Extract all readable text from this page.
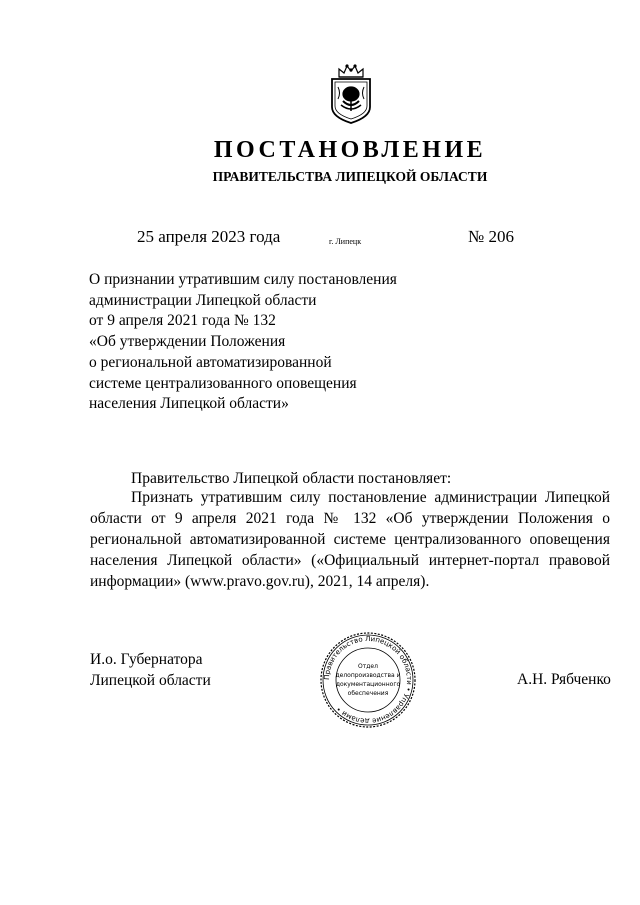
ПОСТАНОВЛЕНИЕ
ПРАВИТЕЛЬСТВА ЛИПЕЦКОЙ ОБЛАСТИ
25 апреля 2023 года	г. Липецк	№ 206
О признании утратившим силу постановления
администрации Липецкой области
от 9 апреля 2021 года № 132
«Об утверждении Положения
о региональной автоматизированной
системе централизованного оповещения
населения Липецкой области»
Правительство Липецкой области постановляет:
Признать утратившим силу постановление администрации Липецкой области от 9 апреля 2021 года № 132 «Об утверждении Положения о региональной автоматизированной системе централизованного оповещения населения Липецкой области» («Официальный интернет-портал правовой информации» (www.pravo.gov.ru), 2021, 14 апреля).
И.о. Губернатора
Липецкой области	А.Н. Рябченко
Правительство Липецкой области • Управление делами •
Отдел
делопроизводства и
документационного
обеспечения
